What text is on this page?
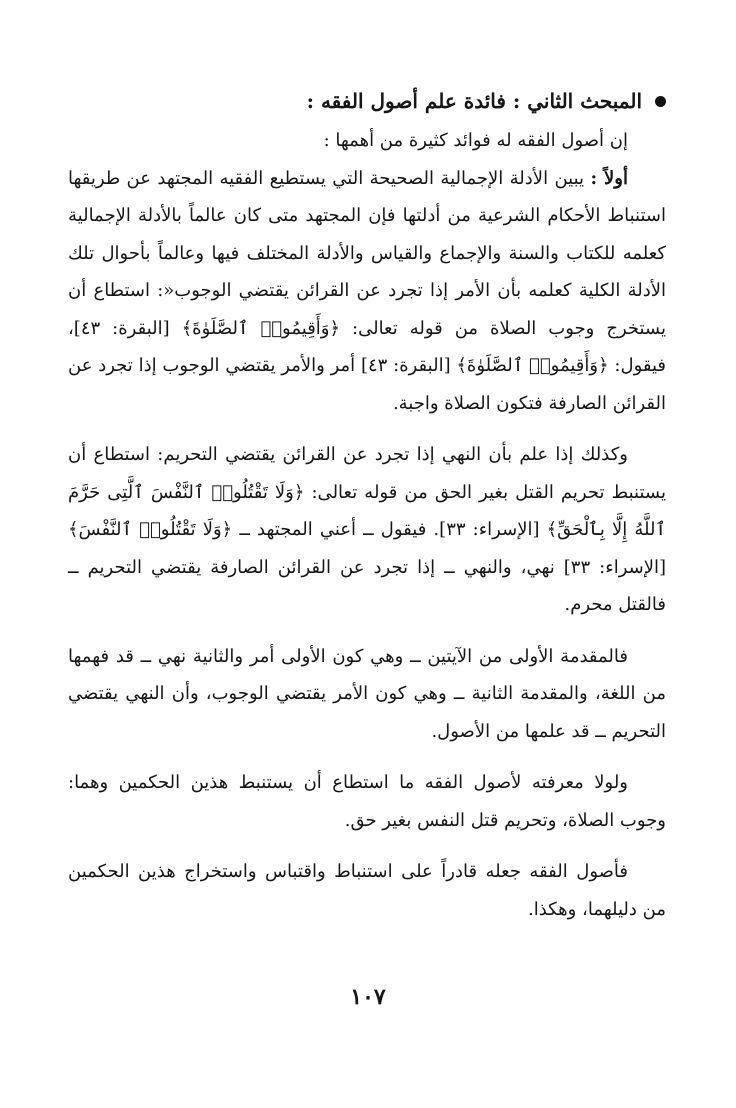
المبحث الثاني : فائدة علم أصول الفقه :

إن أصول الفقه له فوائد كثيرة من أهمها :

أولاً : يبين الأدلة الإجمالية الصحيحة التي يستطيع الفقيه المجتهد عن طريقها استنباط الأحكام الشرعية من أدلتها فإن المجتهد متى كان عالماً بالأدلة الإجمالية كعلمه للكتاب والسنة والإجماع والقياس والأدلة المختلف فيها وعالماً بأحوال تلك الأدلة الكلية كعلمه بأن الأمر إذا تجرد عن القرائن يقتضي الوجوب«: استطاع أن يستخرج وجوب الصلاة من قوله تعالى: ﴿وَأَقِيمُوا۟ ٱلصَّلَوٰةَ﴾ [البقرة: ٤٣]، فيقول: ﴿وَأَقِيمُوا۟ ٱلصَّلَوٰةَ﴾ [البقرة: ٤٣] أمر والأمر يقتضي الوجوب إذا تجرد عن القرائن الصارفة فتكون الصلاة واجبة.

وكذلك إذا علم بأن النهي إذا تجرد عن القرائن يقتضي التحريم: استطاع أن يستنبط تحريم القتل بغير الحق من قوله تعالى: ﴿وَلَا تَقْتُلُوا۟ ٱلنَّفْسَ ٱلَّتِى حَرَّمَ ٱللَّهُ إِلَّا بِٱلْحَقِّ﴾ [الإسراء: ٣٣]. فيقول ــ أعني المجتهد ــ ﴿وَلَا تَقْتُلُوا۟ ٱلنَّفْسَ﴾ [الإسراء: ٣٣] نهي، والنهي ــ إذا تجرد عن القرائن الصارفة يقتضي التحريم ــ فالقتل محرم.

فالمقدمة الأولى من الآيتين ــ وهي كون الأولى أمر والثانية نهي ــ قد فهمها من اللغة، والمقدمة الثانية ــ وهي كون الأمر يقتضي الوجوب، وأن النهي يقتضي التحريم ــ قد علمها من الأصول.

ولولا معرفته لأصول الفقه ما استطاع أن يستنبط هذين الحكمين وهما: وجوب الصلاة، وتحريم قتل النفس بغير حق.

فأصول الفقه جعله قادراً على استنباط واقتباس واستخراج هذين الحكمين من دليلهما، وهكذا.

١٠٧
